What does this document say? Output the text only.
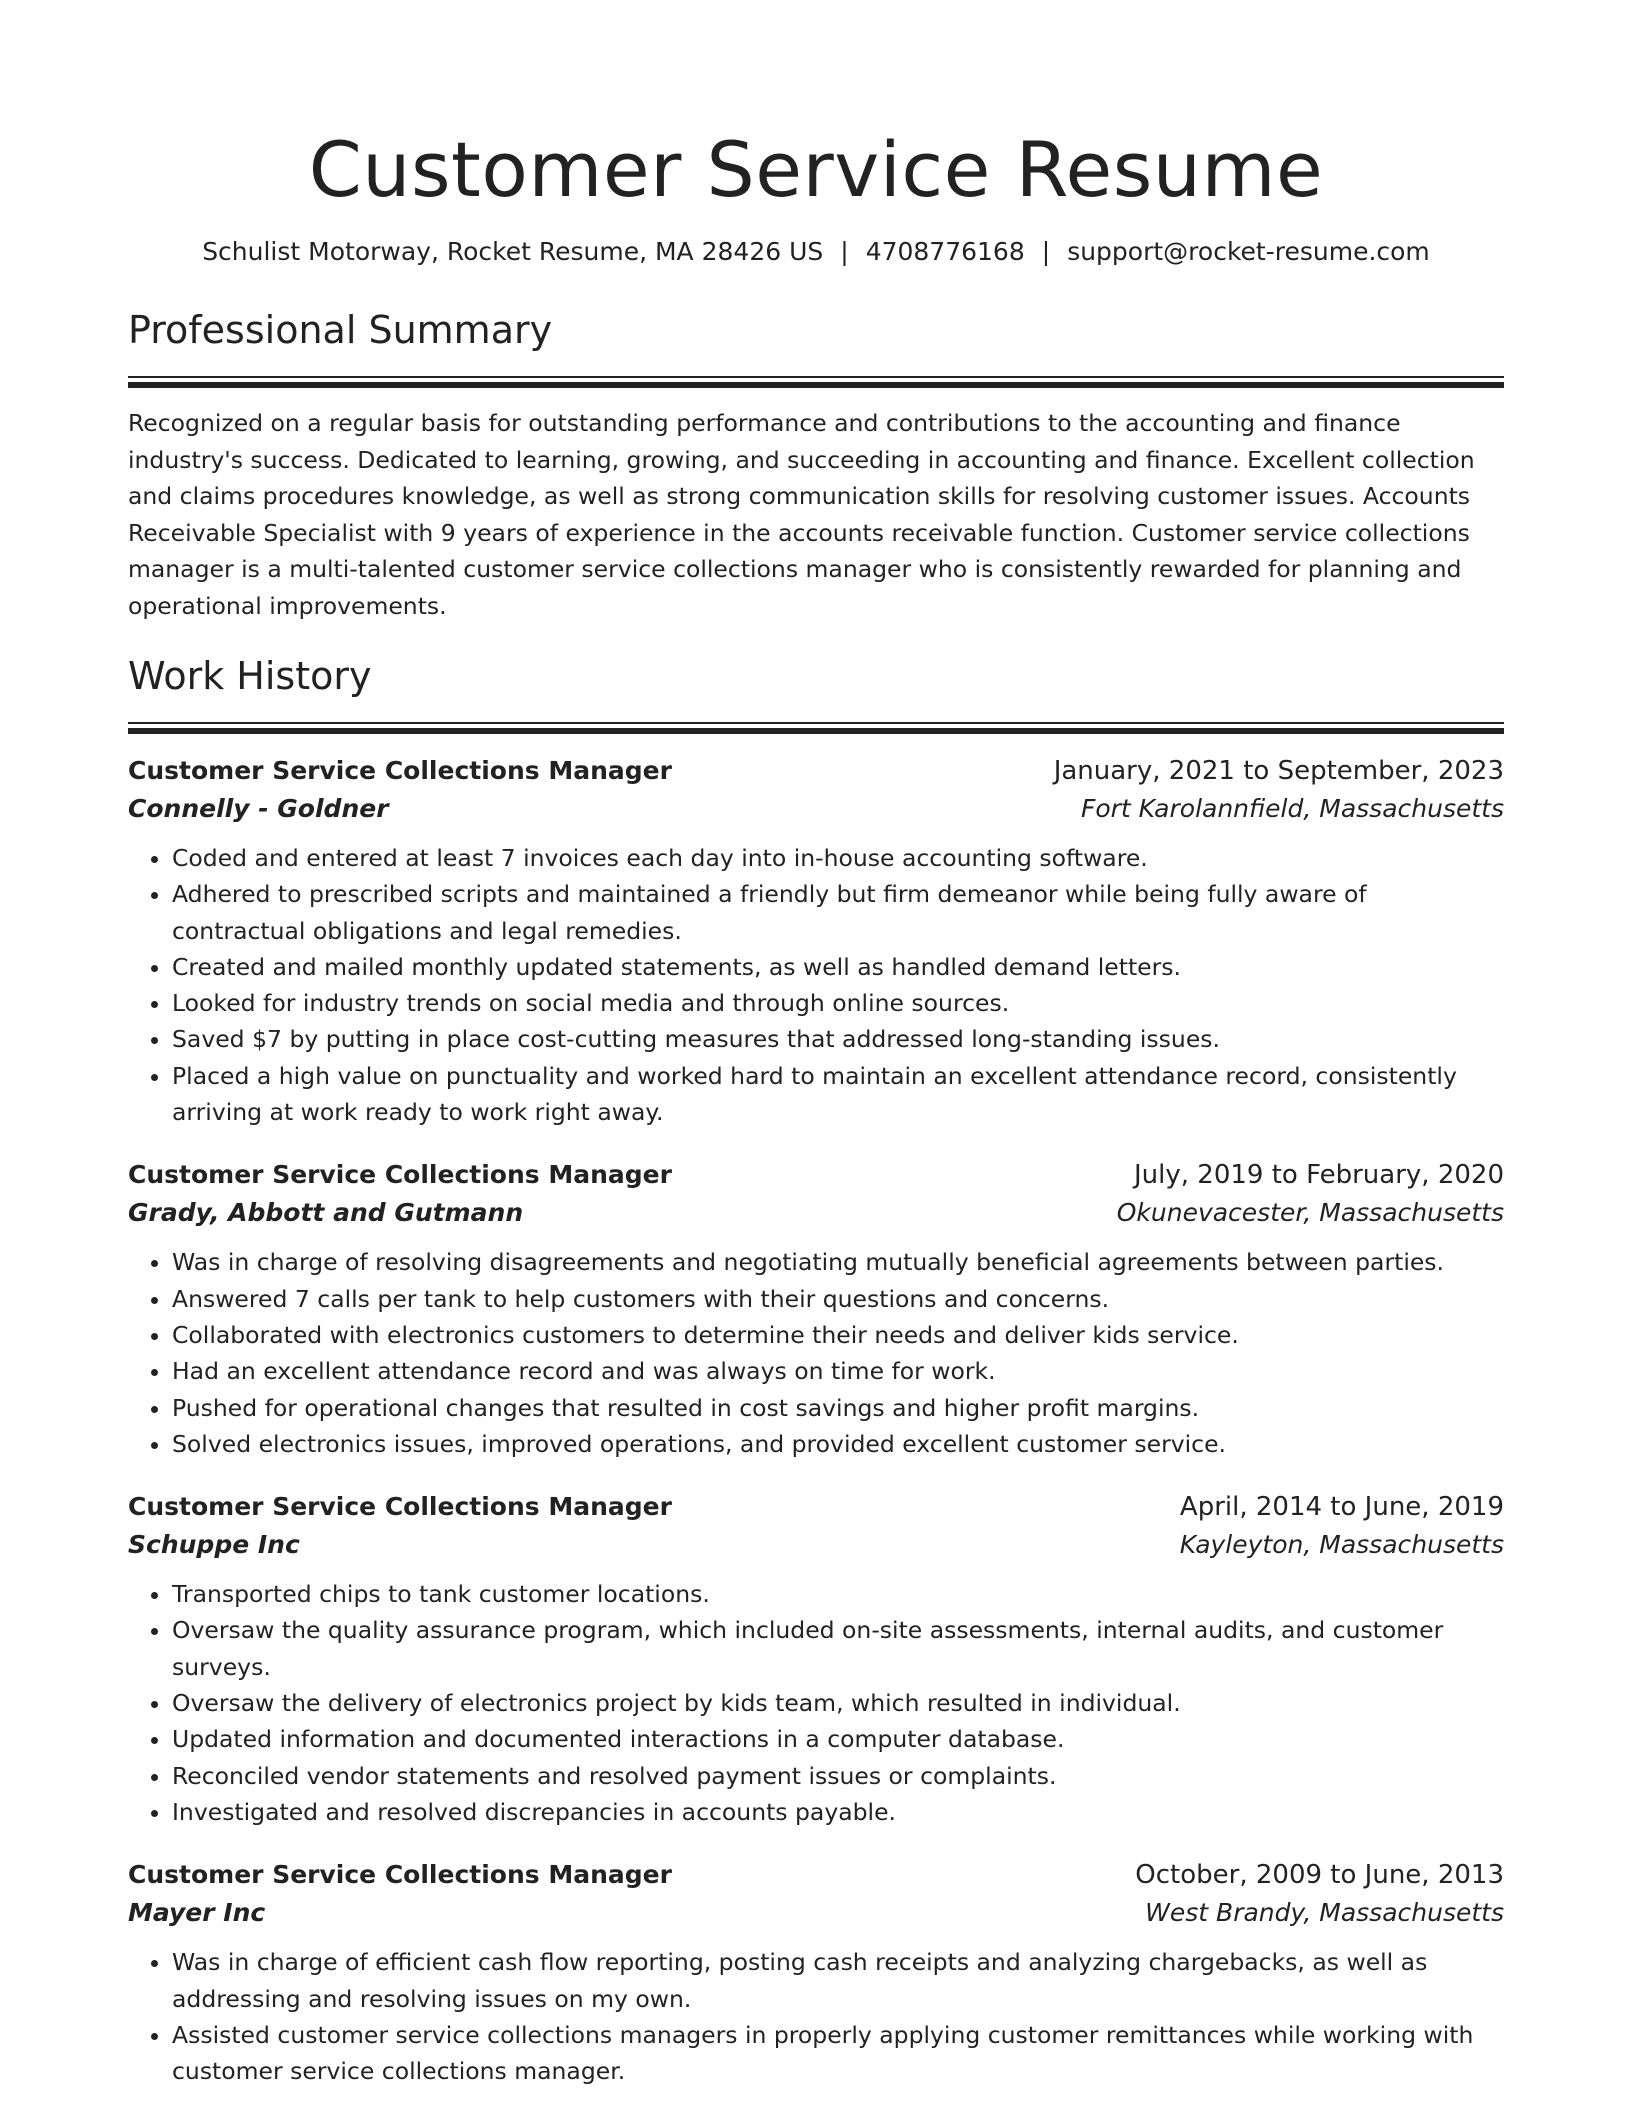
Customer Service Resume
Schulist Motorway, Rocket Resume, MA 28426 US | 4708776168 | support@rocket-resume.com
Professional Summary

Recognized on a regular basis for outstanding performance and contributions to the accounting and finance industry's success. Dedicated to learning, growing, and succeeding in accounting and finance. Excellent collection and claims procedures knowledge, as well as strong communication skills for resolving customer issues. Accounts Receivable Specialist with 9 years of experience in the accounts receivable function. Customer service collections manager is a multi-talented customer service collections manager who is consistently rewarded for planning and operational improvements.

Work History
Customer Service Collections Manager	January, 2021 to September, 2023
Connelly - Goldner	Fort Karolannfield, Massachusetts
• Coded and entered at least 7 invoices each day into in-house accounting software.
• Adhered to prescribed scripts and maintained a friendly but firm demeanor while being fully aware of contractual obligations and legal remedies.
• Created and mailed monthly updated statements, as well as handled demand letters.
• Looked for industry trends on social media and through online sources.
• Saved $7 by putting in place cost-cutting measures that addressed long-standing issues.
• Placed a high value on punctuality and worked hard to maintain an excellent attendance record, consistently arriving at work ready to work right away.
Customer Service Collections Manager	July, 2019 to February, 2020
Grady, Abbott and Gutmann	Okunevacester, Massachusetts
• Was in charge of resolving disagreements and negotiating mutually beneficial agreements between parties.
• Answered 7 calls per tank to help customers with their questions and concerns.
• Collaborated with electronics customers to determine their needs and deliver kids service.
• Had an excellent attendance record and was always on time for work.
• Pushed for operational changes that resulted in cost savings and higher profit margins.
• Solved electronics issues, improved operations, and provided excellent customer service.
Customer Service Collections Manager	April, 2014 to June, 2019
Schuppe Inc	Kayleyton, Massachusetts
• Transported chips to tank customer locations.
• Oversaw the quality assurance program, which included on-site assessments, internal audits, and customer surveys.
• Oversaw the delivery of electronics project by kids team, which resulted in individual.
• Updated information and documented interactions in a computer database.
• Reconciled vendor statements and resolved payment issues or complaints.
• Investigated and resolved discrepancies in accounts payable.
Customer Service Collections Manager	October, 2009 to June, 2013
Mayer Inc	West Brandy, Massachusetts
• Was in charge of efficient cash flow reporting, posting cash receipts and analyzing chargebacks, as well as addressing and resolving issues on my own.
• Assisted customer service collections managers in properly applying customer remittances while working with customer service collections manager.
